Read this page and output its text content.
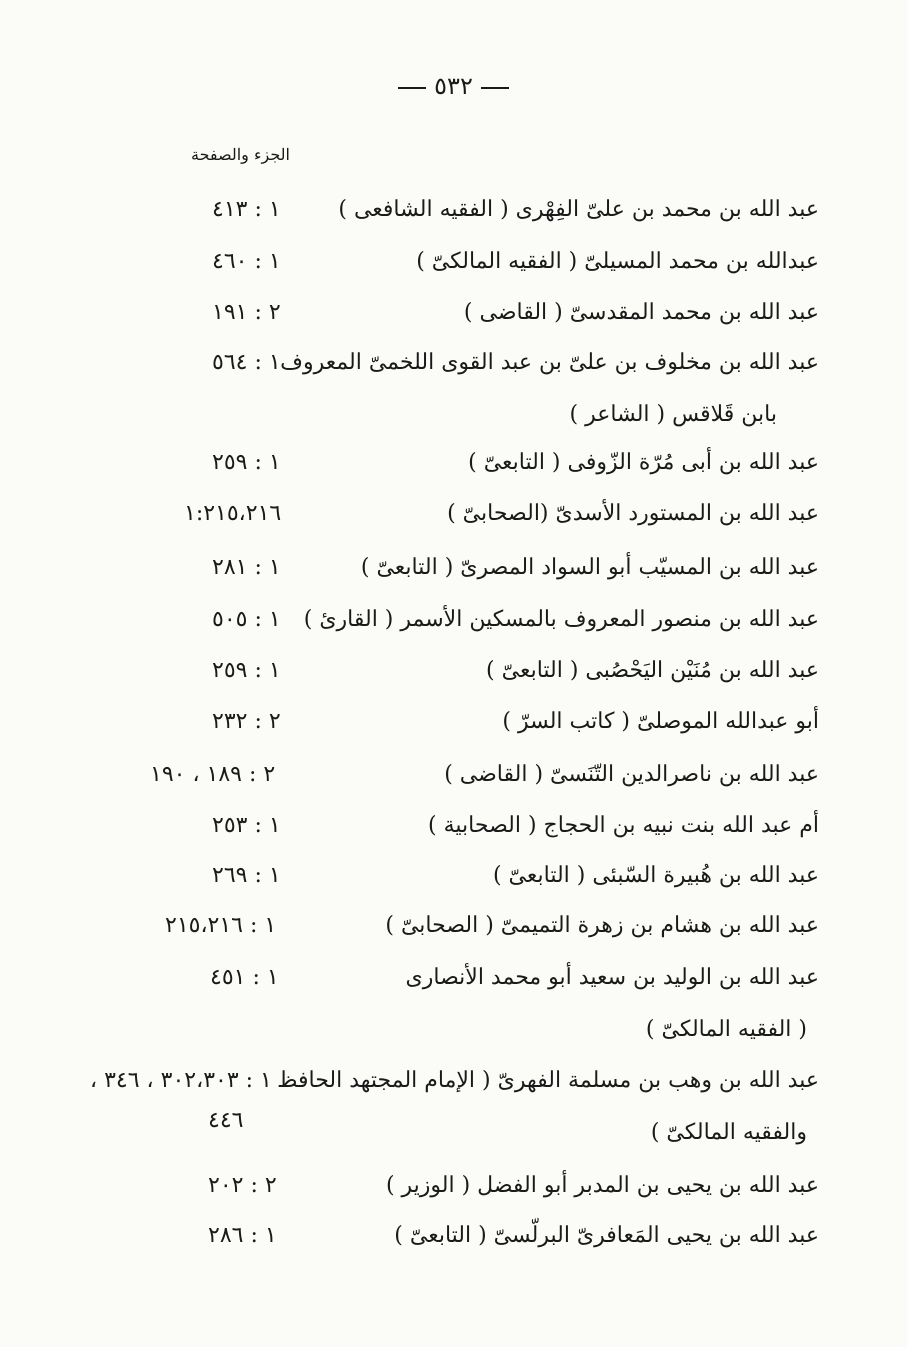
٥٣٢
الجزء والصفحة
عبد الله بن محمد بن علىّ الفِهْرى ( الفقيه الشافعى )
١ : ٤١٣
عبدالله بن محمد المسيلىّ ( الفقيه المالكىّ )
١ : ٤٦٠
عبد الله بن محمد المقدسىّ ( القاضى )
٢ : ١٩١
عبد الله بن مخلوف بن علىّ بن عبد القوى اللخمىّ المعروف
١ : ٥٦٤
بابن قَلاقس ( الشاعر )
عبد الله بن أبى مُرّة الزّوفى ( التابعىّ )
١ : ٢٥٩
عبد الله بن المستورد الأسدىّ (الصحابىّ )
١:٢١٥،٢١٦
عبد الله بن المسيّب أبو السواد المصرىّ ( التابعىّ )
١ : ٢٨١
عبد الله بن منصور المعروف بالمسكين الأسمر ( القارئ )
١ : ٥٠٥
عبد الله بن مُنَيْن اليَحْصُبى ( التابعىّ )
١ : ٢٥٩
أبو عبدالله الموصلىّ ( كاتب السرّ )
٢ : ٢٣٢
عبد الله بن ناصرالدين التّنَسىّ ( القاضى )
٢ : ١٨٩ ، ١٩٠
أم عبد الله بنت نبيه بن الحجاج ( الصحابية )
١ : ٢٥٣
عبد الله بن هُبيرة السّبئى ( التابعىّ )
١ : ٢٦٩
عبد الله بن هشام بن زهرة التميمىّ ( الصحابىّ )
١ : ٢١٥،٢١٦
عبد الله بن الوليد بن سعيد أبو محمد الأنصارى
١ : ٤٥١
( الفقيه المالكىّ )
عبد الله بن وهب بن مسلمة الفهرىّ ( الإمام المجتهد الحافظ
١ : ٣٠٢،٣٠٣ ، ٣٤٦ ،
والفقيه المالكىّ )
٤٤٦
عبد الله بن يحيى بن المدبر أبو الفضل ( الوزير )
٢ : ٢٠٢
عبد الله بن يحيى المَعافرىّ البرلّسىّ ( التابعىّ )
١ : ٢٨٦
